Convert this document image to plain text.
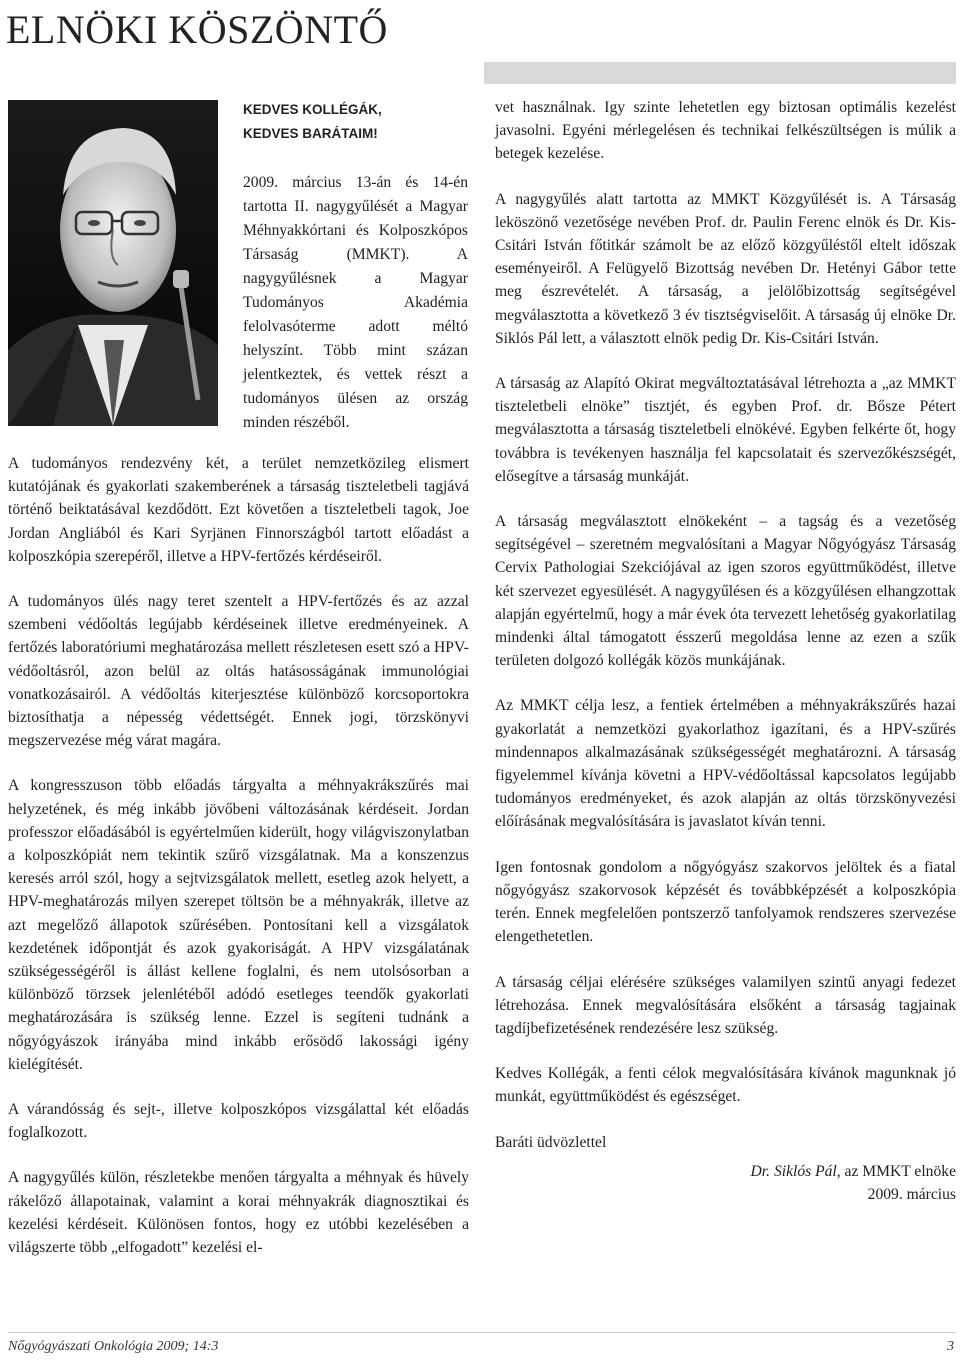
ELNÖKI KÖSZÖNTŐ
KEDVES KOLLÉGÁK,
KEDVES BARÁTAIM!

2009. március 13-án és 14-én tartotta II. nagygyűlését a Magyar Méhnyakkórtani és Kolposzkópos Társaság (MMKT). A nagygyűlésnek a Magyar Tudományos Akadémia felolvasóterme adott méltó helyszínt. Több mint százan jelentkeztek, és vettek részt a tudományos ülésen az ország minden részéből.

A tudományos rendezvény két, a terület nemzetközileg elismert kutatójának és gyakorlati szakemberének a társaság tiszteletbeli tagjává történő beiktatásával kezdődött. Ezt követően a tiszteletbeli tagok, Joe Jordan Angliából és Kari Syrjänen Finnországból tartott előadást a kolposzkópia szerepéről, illetve a HPV-fertőzés kérdéseiről.

A tudományos ülés nagy teret szentelt a HPV-fertőzés és az azzal szembeni védőoltás legújabb kérdéseinek illetve eredményeinek. A fertőzés laboratóriumi meghatározása mellett részletesen esett szó a HPV-védőoltásról, azon belül az oltás hatásosságának immunológiai vonatkozásairól. A védőoltás kiterjesztése különböző korcsoportokra biztosíthatja a népesség védettségét. Ennek jogi, törzskönyvi megszervezése még várat magára.

A kongresszuson több előadás tárgyalta a méhnyakrákszűrés mai helyzetének, és még inkább jövőbeni változásának kérdéseit. Jordan professzor előadásából is egyértelműen kiderült, hogy világviszonylatban a kolposzkópiát nem tekintik szűrő vizsgálatnak. Ma a konszenzus keresés arról szól, hogy a sejtvizsgálatok mellett, esetleg azok helyett, a HPV-meghatározás milyen szerepet töltsön be a méhnyakrák, illetve az azt megelőző állapotok szűrésében. Pontosítani kell a vizsgálatok kezdetének időpontját és azok gyakoriságát. A HPV vizsgálatának szükségességéről is állást kellene foglalni, és nem utolsósorban a különböző törzsek jelenlétéből adódó esetleges teendők gyakorlati meghatározására is szükség lenne. Ezzel is segíteni tudnánk a nőgyógyászok irányába mind inkább erősödő lakossági igény kielégítését.

A várandósság és sejt-, illetve kolposzkópos vizsgálattal két előadás foglalkozott.

A nagygyűlés külön, részletekbe menően tárgyalta a méhnyak és hüvely rákelőző állapotainak, valamint a korai méhnyakrák diagnosztikai és kezelési kérdéseit. Különösen fontos, hogy ez utóbbi kezelésében a világszerte több „elfogadott” kezelési el-

vet használnak. Igy szinte lehetetlen egy biztosan optimális kezelést javasolni. Egyéni mérlegelésen és technikai felkészültségen is múlik a betegek kezelése.

A nagygyűlés alatt tartotta az MMKT Közgyűlését is. A Társaság leköszönő vezetősége nevében Prof. dr. Paulin Ferenc elnök és Dr. Kis-Csitári István főtitkár számolt be az előző közgyűléstől eltelt időszak eseményeiről. A Felügyelő Bizottság nevében Dr. Hetényi Gábor tette meg észrevételét. A társaság, a jelölőbizottság segítségével megválasztotta a következő 3 év tisztségviselőit. A társaság új elnöke Dr. Siklós Pál lett, a választott elnök pedig Dr. Kis-Csitári István.

A társaság az Alapító Okirat megváltoztatásával létrehozta a „az MMKT tiszteletbeli elnöke” tisztjét, és egyben Prof. dr. Bősze Pétert megválasztotta a társaság tiszteletbeli elnökévé. Egyben felkérte őt, hogy továbbra is tevékenyen használja fel kapcsolatait és szervezőkészségét, elősegítve a társaság munkáját.

A társaság megválasztott elnökeként – a tagság és a vezetőség segítségével – szeretném megvalósítani a Magyar Nőgyógyász Társaság Cervix Pathologiai Szekciójával az igen szoros együttműködést, illetve két szervezet egyesülését. A nagygyűlésen és a közgyűlésen elhangzottak alapján egyértelmű, hogy a már évek óta tervezett lehetőség gyakorlatilag mindenki által támogatott ésszerű megoldása lenne az ezen a szűk területen dolgozó kollégák közös munkájának.

Az MMKT célja lesz, a fentiek értelmében a méhnyakrákszűrés hazai gyakorlatát a nemzetközi gyakorlathoz igazítani, és a HPV-szűrés mindennapos alkalmazásának szükségességét meghatározni. A társaság figyelemmel kívánja követni a HPV-védőoltással kapcsolatos legújabb tudományos eredményeket, és azok alapján az oltás törzskönyvezési előírásának megvalósítására is javaslatot kíván tenni.

Igen fontosnak gondolom a nőgyógyász szakorvos jelöltek és a fiatal nőgyógyász szakorvosok képzését és továbbképzését a kolposzkópia terén. Ennek megfelelően pontszerző tanfolyamok rendszeres szervezése elengethetetlen.

A társaság céljai elérésére szükséges valamilyen szintű anyagi fedezet létrehozása. Ennek megvalósítására elsőként a társaság tagjainak tagdíjbefizetésének rendezésére lesz szükség.

Kedves Kollégák, a fenti célok megvalósítására kívánok magunknak jó munkát, együttműködést és egészséget.

Baráti üdvözlettel

Dr. Siklós Pál, az MMKT elnöke
2009. március
Nőgyógyászati Onkológia 2009; 14:3	3
